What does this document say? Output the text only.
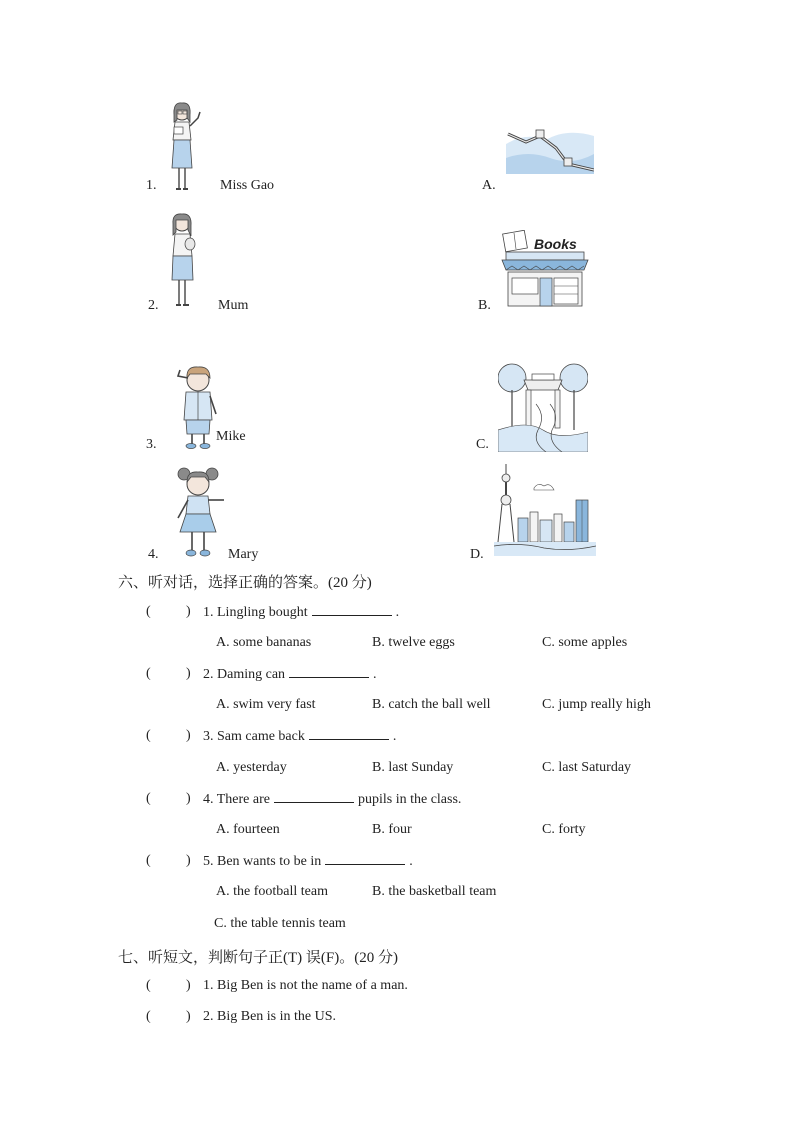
1.	Miss Gao
2.	Mum
3.
Mike
4.	Mary
A.
B.
Books
C.
D.
六、听对话，选择正确的答案。(20 分)
(	) 1. Lingling bought	.
A. some bananas	B. twelve eggs	C. some apples
(	) 2. Daming can	.
A. swim very fast	B. catch the ball well	C. jump really high
(	) 3. Sam came back	.
A. yesterday	B. last Sunday	C. last Saturday
(	) 4. There are	pupils in the class.
A. fourteen	B. four	C. forty
(	) 5. Ben wants to be in	.
A. the football team	B. the basketball team
C. the table tennis team
七、听短文，判断句子正(T) 误(F)。(20 分)
(	) 1. Big Ben is not the name of a man.
(	) 2. Big Ben is in the US.
